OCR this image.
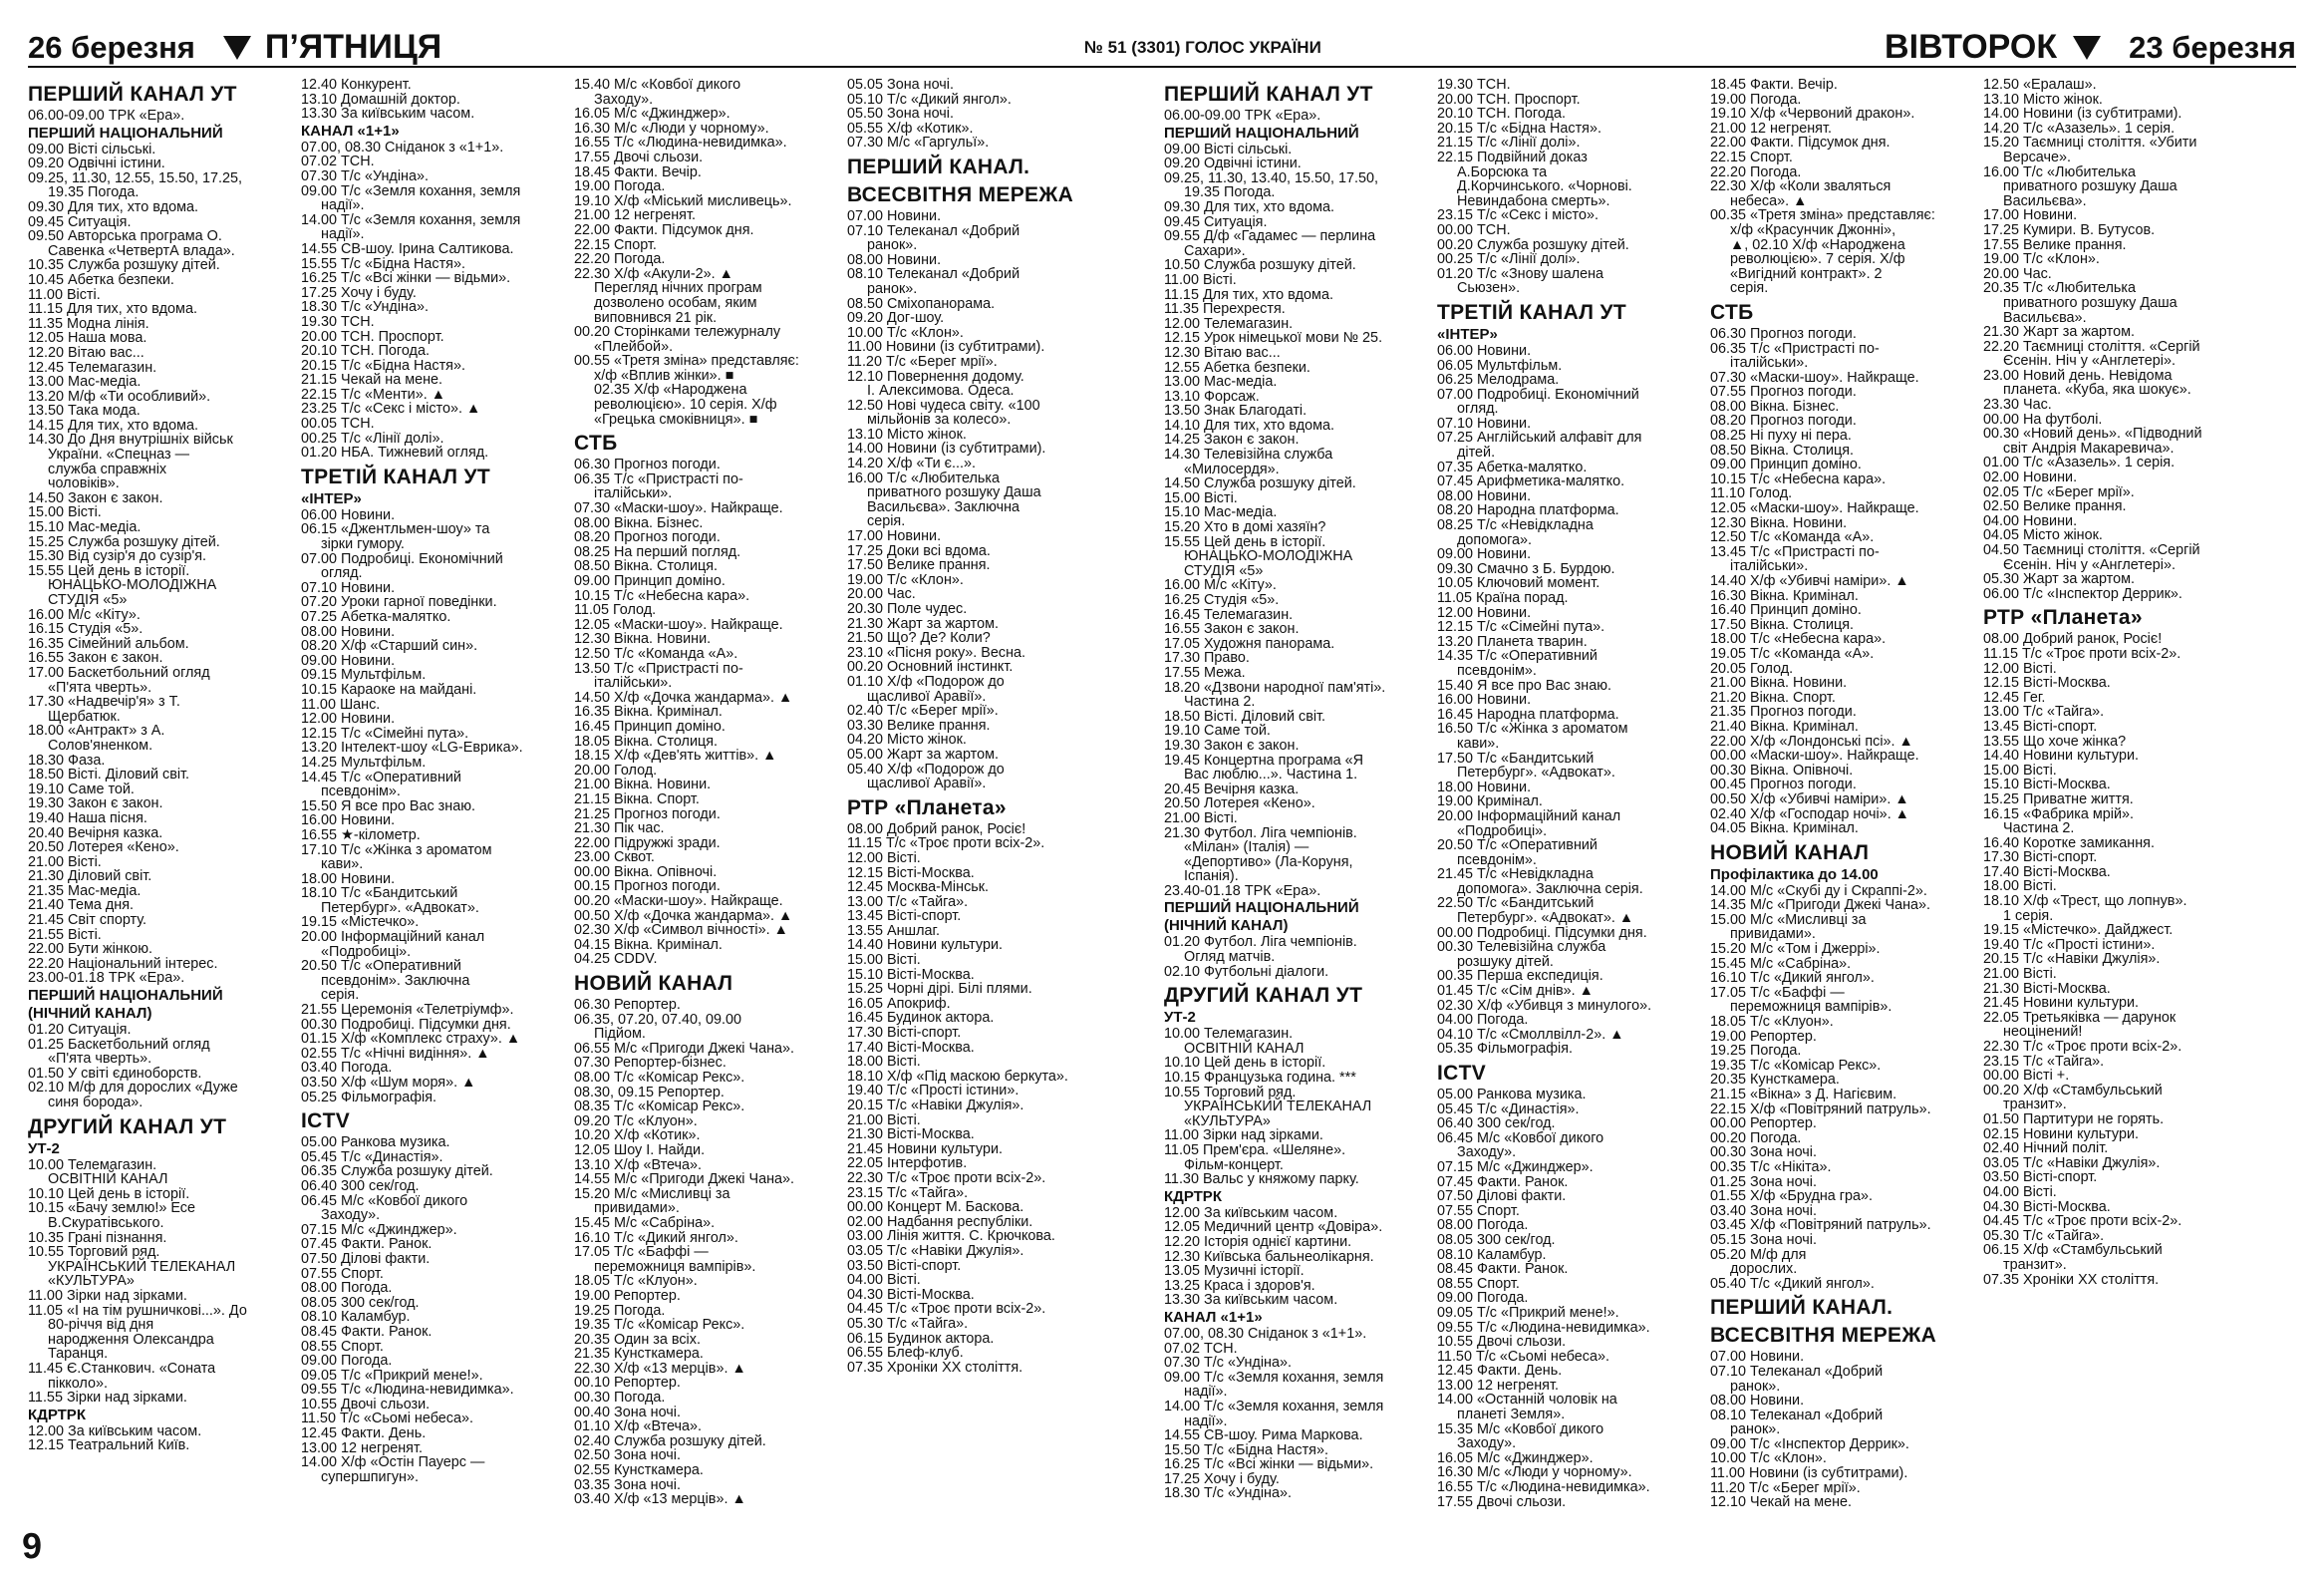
26 березня П’ЯТНИЦЯ	№ 51 (3301) ГОЛОС УКРАЇНИ	ВІВТОРОК 23 березня
ПЕРШИЙ КАНАЛ УТ
06.00-09.00 ТРК «Ера».
ПЕРШИЙ НАЦІОНАЛЬНИЙ
09.00 Вісті сільські.
09.20 Одвічні істини.
09.25, 11.30, 12.55, 15.50, 17.25,
19.35 Погода.
09.30 Для тих, хто вдома.
09.45 Ситуація.
09.50 Авторська програма О.
Савенка «ЧетвертА влада».
10.35 Служба розшуку дітей.
10.45 Абетка безпеки.
11.00 Вісті.
11.15 Для тих, хто вдома.
11.35 Модна лінія.
12.05 Наша мова.
12.20 Вітаю вас...
12.45 Телемагазин.
13.00 Мас-медіа.
13.20 М/ф «Ти особливий».
13.50 Така мода.
14.15 Для тих, хто вдома.
14.30 До Дня внутрішніх військ
України. «Спецназ —
служба справжніх
чоловіків».
14.50 Закон є закон.
15.00 Вісті.
15.10 Мас-медіа.
15.25 Служба розшуку дітей.
15.30 Від сузір'я до сузір'я.
15.55 Цей день в історії.
ЮНАЦЬКО-МОЛОДІЖНА
СТУДІЯ «5»
16.00 М/с «Кіту».
16.15 Студія «5».
16.35 Сімейний альбом.
16.55 Закон є закон.
17.00 Баскетбольний огляд
«П'ята чверть».
17.30 «Надвечір'я» з Т.
Щербатюк.
18.00 «Антракт» з А.
Солов'яненком.
18.30 Фаза.
18.50 Вісті. Діловий світ.
19.10 Саме той.
19.30 Закон є закон.
19.40 Наша пісня.
20.40 Вечірня казка.
20.50 Лотерея «Кено».
21.00 Вісті.
21.30 Діловий світ.
21.35 Мас-медіа.
21.40 Тема дня.
21.45 Світ спорту.
21.55 Вісті.
22.00 Бути жінкою.
22.20 Національний інтерес.
23.00-01.18 ТРК «Ера».
ПЕРШИЙ НАЦІОНАЛЬНИЙ
(НІЧНИЙ КАНАЛ)
01.20 Ситуація.
01.25 Баскетбольний огляд
«П'ята чверть».
01.50 У світі єдиноборств.
02.10 М/ф для дорослих «Дуже
синя борода».
ДРУГИЙ КАНАЛ УТ
УТ-2
10.00 Телемагазин.
ОСВІТНІЙ КАНАЛ
10.10 Цей день в історії.
10.15 «Бачу землю!» Есе
В.Скуратівського.
10.35 Грані пізнання.
10.55 Торговий ряд.
УКРАЇНСЬКИЙ ТЕЛЕКАНАЛ
«КУЛЬТУРА»
11.00 Зірки над зірками.
11.05 «І на тім рушничкові...». До
80-річчя від дня
народження Олександра
Таранця.
11.45 Є.Станкович. «Соната
пікколо».
11.55 Зірки над зірками.
КДРТРК
12.00 За київським часом.
12.15 Театральний Київ.
12.40 Конкурент.
13.10 Домашній доктор.
13.30 За київським часом.
КАНАЛ «1+1»
07.00, 08.30 Сніданок з «1+1».
07.02 ТСН.
07.30 Т/с «Ундіна».
09.00 Т/с «Земля кохання, земля
надії».
14.00 Т/с «Земля кохання, земля
надії».
14.55 СВ-шоу. Ірина Салтикова.
15.55 Т/с «Бідна Настя».
16.25 Т/с «Всі жінки — відьми».
17.25 Хочу і буду.
18.30 Т/с «Ундіна».
19.30 ТСН.
20.00 ТСН. Проспорт.
20.10 ТСН. Погода.
20.15 Т/с «Бідна Настя».
21.15 Чекай на мене.
22.15 Т/с «Менти». ▲
23.25 Т/с «Секс і місто». ▲
00.05 ТСН.
00.25 Т/с «Лінії долі».
01.20 НБА. Тижневий огляд.
ТРЕТІЙ КАНАЛ УТ
«ІНТЕР»
06.00 Новини.
06.15 «Джентльмен-шоу» та
зірки гумору.
07.00 Подробиці. Економічний
огляд.
07.10 Новини.
07.20 Уроки гарної поведінки.
07.25 Абетка-малятко.
08.00 Новини.
08.20 Х/ф «Старший син».
09.00 Новини.
09.15 Мультфільм.
10.15 Караоке на майдані.
11.00 Шанс.
12.00 Новини.
12.15 Т/с «Сімейні пута».
13.20 Інтелект-шоу «LG-Еврика».
14.25 Мультфільм.
14.45 Т/с «Оперативний
псевдонім».
15.50 Я все про Вас знаю.
16.00 Новини.
16.55 ★-кілометр.
17.10 Т/с «Жінка з ароматом
кави».
18.00 Новини.
18.10 Т/с «Бандитський
Петербург». «Адвокат».
19.15 «Містечко».
20.00 Інформаційний канал
«Подробиці».
20.50 Т/с «Оперативний
псевдонім». Заключна
серія.
21.55 Церемонія «Телетріумф».
00.30 Подробиці. Підсумки дня.
01.15 Х/ф «Комплекс страху». ▲
02.55 Т/с «Нічні видіння». ▲
03.40 Погода.
03.50 Х/ф «Шум моря». ▲
05.25 Фільмографія.
ICTV
05.00 Ранкова музика.
05.45 Т/с «Династія».
06.35 Служба розшуку дітей.
06.40 300 сек/год.
06.45 М/с «Ковбої дикого
Заходу».
07.15 М/с «Джинджер».
07.45 Факти. Ранок.
07.50 Ділові факти.
07.55 Спорт.
08.00 Погода.
08.05 300 сек/год.
08.10 Каламбур.
08.45 Факти. Ранок.
08.55 Спорт.
09.00 Погода.
09.05 Т/с «Прикрий мене!».
09.55 Т/с «Людина-невидимка».
10.55 Двочі сльози.
11.50 Т/с «Сьомі небеса».
12.45 Факти. День.
13.00 12 негренят.
14.00 Х/ф «Остін Пауерс —
супершпигун».
15.40 М/с «Ковбої дикого
Заходу».
16.05 М/с «Джинджер».
16.30 М/с «Люди у чорному».
16.55 Т/с «Людина-невидимка».
17.55 Двочі сльози.
18.45 Факти. Вечір.
19.00 Погода.
19.10 Х/ф «Міський мисливець».
21.00 12 негренят.
22.00 Факти. Підсумок дня.
22.15 Спорт.
22.20 Погода.
22.30 Х/ф «Акули-2». ▲
Перегляд нічних програм
дозволено особам, яким
виповнився 21 рік.
00.20 Сторінками тележурналу
«Плейбой».
00.55 «Третя зміна» представляє:
х/ф «Вплив жінки». ■
02.35 Х/ф «Народжена
революцією». 10 серія. Х/ф
«Грецька смоківниця». ■
СТБ
06.30 Прогноз погоди.
06.35 Т/с «Пристрасті по-
італійськи».
07.30 «Маски-шоу». Найкраще.
08.00 Вікна. Бізнес.
08.20 Прогноз погоди.
08.25 На перший погляд.
08.50 Вікна. Столиця.
09.00 Принцип доміно.
10.15 Т/с «Небесна кара».
11.05 Голод.
12.05 «Маски-шоу». Найкраще.
12.30 Вікна. Новини.
12.50 Т/с «Команда «А».
13.50 Т/с «Пристрасті по-
італійськи».
14.50 Х/ф «Дочка жандарма». ▲
16.35 Вікна. Кримінал.
16.45 Принцип доміно.
18.05 Вікна. Столиця.
18.15 Х/ф «Дев'ять життів». ▲
20.00 Голод.
21.00 Вікна. Новини.
21.15 Вікна. Спорт.
21.25 Прогноз погоди.
21.30 Пiк час.
22.00 Підружжі зради.
23.00 Сквот.
00.00 Вікна. Опівночі.
00.15 Прогноз погоди.
00.20 «Маски-шоу». Найкраще.
00.50 Х/ф «Дочка жандарма». ▲
02.30 Х/ф «Символ вічності». ▲
04.15 Вікна. Кримінал.
04.25 CDDV.
НОВИЙ КАНАЛ
06.30 Репортер.
06.35, 07.20, 07.40, 09.00
Підйом.
06.55 М/с «Пригоди Джекі Чана».
07.30 Репортер-бізнес.
08.00 Т/с «Комісар Рекс».
08.30, 09.15 Репортер.
08.35 Т/с «Комісар Рекс».
09.20 Т/с «Клуон».
10.20 Х/ф «Котик».
12.05 Шоу І. Найди.
13.10 Х/ф «Втеча».
14.55 М/с «Пригоди Джекі Чана».
15.20 М/с «Мисливці за
привидами».
15.45 М/с «Сабріна».
16.10 Т/с «Дикий янгол».
17.05 Т/с «Баффі —
переможниця вампірів».
18.05 Т/с «Клуон».
19.00 Репортер.
19.25 Погода.
19.35 Т/с «Комісар Рекс».
20.35 Один за всіх.
21.35 Кунсткамера.
22.30 Х/ф «13 мерців». ▲
00.10 Репортер.
00.30 Погода.
00.40 Зона ночі.
01.10 Х/ф «Втеча».
02.40 Служба розшуку дітей.
02.50 Зона ночі.
02.55 Кунсткамера.
03.35 Зона ночі.
03.40 Х/ф «13 мерців». ▲
05.05 Зона ночі.
05.10 Т/с «Дикий янгол».
05.50 Зона ночі.
05.55 Х/ф «Котик».
07.30 М/с «Гаргульї».
ПЕРШИЙ КАНАЛ.
ВСЕСВІТНЯ МЕРЕЖА
07.00 Новини.
07.10 Телеканал «Добрий
ранок».
08.00 Новини.
08.10 Телеканал «Добрий
ранок».
08.50 Сміхопанорама.
09.20 Дог-шоу.
10.00 Т/с «Клон».
11.00 Новини (із субтитрами).
11.20 Т/с «Берег мрії».
12.10 Повернення додому.
І. Алексимова. Одеса.
12.50 Нові чудеса світу. «100
мільйонів за колесо».
13.10 Місто жінок.
14.00 Новини (із субтитрами).
14.20 Х/ф «Ти є...».
16.00 Т/с «Любителька
приватного розшуку Даша
Васильєва». Заключна
серія.
17.00 Новини.
17.25 Доки всі вдома.
17.50 Велике прання.
19.00 Т/с «Клон».
20.00 Час.
20.30 Поле чудес.
21.30 Жарт за жартом.
21.50 Що? Де? Коли?
23.10 «Пісня року». Весна.
00.20 Основний інстинкт.
01.10 Х/ф «Подорож до
щасливої Аравії».
02.40 Т/с «Берег мрії».
03.30 Велике прання.
04.20 Місто жінок.
05.00 Жарт за жартом.
05.40 Х/ф «Подорож до
щасливої Аравії».
РТР «Планета»
08.00 Добрий ранок, Росіє!
11.15 Т/с «Троє проти всіх-2».
12.00 Вісті.
12.15 Вісті-Москва.
12.45 Москва-Мінськ.
13.00 Т/с «Тайга».
13.45 Вісті-спорт.
13.55 Аншлаг.
14.40 Новини культури.
15.00 Вісті.
15.10 Вісті-Москва.
15.25 Чорні дірі. Білі плями.
16.05 Апокриф.
16.45 Будинок актора.
17.30 Вісті-спорт.
17.40 Вісті-Москва.
18.00 Вісті.
18.10 Х/ф «Під маскою беркута».
19.40 Т/с «Прості істини».
20.15 Т/с «Навіки Джулія».
21.00 Вісті.
21.30 Вісті-Москва.
21.45 Новини культури.
22.05 Інтерфотив.
22.30 Т/с «Троє проти всіх-2».
23.15 Т/с «Тайга».
00.00 Концерт М. Баскова.
02.00 Надбання республіки.
03.00 Лінія життя. С. Крючкова.
03.05 Т/с «Навіки Джулія».
03.50 Вісті-спорт.
04.00 Вісті.
04.30 Вісті-Москва.
04.45 Т/с «Троє проти всіх-2».
05.30 Т/с «Тайга».
06.15 Будинок актора.
06.55 Блеф-клуб.
07.35 Хроніки XX століття.
ПЕРШИЙ КАНАЛ УТ
06.00-09.00 ТРК «Ера».
ПЕРШИЙ НАЦІОНАЛЬНИЙ
09.00 Вісті сільські.
09.20 Одвічні істини.
09.25, 11.30, 13.40, 15.50, 17.50,
19.35 Погода.
09.30 Для тих, хто вдома.
09.45 Ситуація.
09.55 Д/ф «Гадамес — перлина
Сахари».
10.50 Служба розшуку дітей.
11.00 Вісті.
11.15 Для тих, хто вдома.
11.35 Перехрестя.
12.00 Телемагазин.
12.15 Урок німецької мови № 25.
12.30 Вітаю вас...
12.55 Абетка безпеки.
13.00 Мас-медіа.
13.10 Форсаж.
13.50 Знак Благодаті.
14.10 Для тих, хто вдома.
14.25 Закон є закон.
14.30 Телевізійна служба
«Милосердя».
14.50 Служба розшуку дітей.
15.00 Вісті.
15.10 Мас-медіа.
15.20 Хто в домі хазяїн?
15.55 Цей день в історії.
ЮНАЦЬКО-МОЛОДІЖНА
СТУДІЯ «5»
16.00 М/с «Кіту».
16.25 Студія «5».
16.45 Телемагазин.
16.55 Закон є закон.
17.05 Художня панорама.
17.30 Право.
17.55 Межа.
18.20 «Дзвони народної пам'яті».
Частина 2.
18.50 Вісті. Діловий світ.
19.10 Саме той.
19.30 Закон є закон.
19.45 Концертна програма «Я
Вас люблю...». Частина 1.
20.45 Вечірня казка.
20.50 Лотерея «Кено».
21.00 Вісті.
21.30 Футбол. Ліга чемпіонів.
«Мілан» (Італія) —
«Депортиво» (Ла-Коруня,
Іспанія).
23.40-01.18 ТРК «Ера».
ПЕРШИЙ НАЦІОНАЛЬНИЙ
(НІЧНИЙ КАНАЛ)
01.20 Футбол. Ліга чемпіонів.
Огляд матчів.
02.10 Футбольні діалоги.
ДРУГИЙ КАНАЛ УТ
УТ-2
10.00 Телемагазин.
ОСВІТНІЙ КАНАЛ
10.10 Цей день в історії.
10.15 Французька година. ***
10.55 Торговий ряд.
УКРАЇНСЬКИЙ ТЕЛЕКАНАЛ
«КУЛЬТУРА»
11.00 Зірки над зірками.
11.05 Прем'єра. «Шеляне».
Фільм-концерт.
11.30 Вальс у княжому парку.
КДРТРК
12.00 За київським часом.
12.05 Медичний центр «Довіра».
12.20 Історія однієї картини.
12.30 Київська бальнеолікарня.
13.05 Музичні історії.
13.25 Краса і здоров'я.
13.30 За київським часом.
КАНАЛ «1+1»
07.00, 08.30 Сніданок з «1+1».
07.02 ТСН.
07.30 Т/с «Ундіна».
09.00 Т/с «Земля кохання, земля
надії».
14.00 Т/с «Земля кохання, земля
надії».
14.55 СВ-шоу. Рима Маркова.
15.50 Т/с «Бідна Настя».
16.25 Т/с «Всі жінки — відьми».
17.25 Хочу і буду.
18.30 Т/с «Ундіна».
19.30 ТСН.
20.00 ТСН. Проспорт.
20.10 ТСН. Погода.
20.15 Т/с «Бідна Настя».
21.15 Т/с «Лінії долі».
22.15 Подвійний доказ
А.Борсюка та
Д.Корчинського. «Чорнові.
Невиндабона смерть».
23.15 Т/с «Секс і місто».
00.00 ТСН.
00.20 Служба розшуку дітей.
00.25 Т/с «Лінії долі».
01.20 Т/с «Знову шалена
Сьюзен».
ТРЕТІЙ КАНАЛ УТ
«ІНТЕР»
06.00 Новини.
06.05 Мультфільм.
06.25 Мелодрама.
07.00 Подробиці. Економічний
огляд.
07.10 Новини.
07.25 Англійський алфавіт для
дітей.
07.35 Абетка-малятко.
07.45 Арифметика-малятко.
08.00 Новини.
08.20 Народна платформа.
08.25 Т/с «Невідкладна
допомога».
09.00 Новини.
09.30 Смачно з Б. Бурдою.
10.05 Ключовий момент.
11.05 Країна порад.
12.00 Новини.
12.15 Т/с «Сімейні пута».
13.20 Планета тварин.
14.35 Т/с «Оперативний
псевдонім».
15.40 Я все про Вас знаю.
16.00 Новини.
16.45 Народна платформа.
16.50 Т/с «Жінка з ароматом
кави».
17.50 Т/с «Бандитський
Петербург». «Адвокат».
18.00 Новини.
19.00 Кримінал.
20.00 Інформаційний канал
«Подробиці».
20.50 Т/с «Оперативний
псевдонім».
21.45 Т/с «Невідкладна
допомога». Заключна серія.
22.50 Т/с «Бандитський
Петербург». «Адвокат». ▲
00.00 Подробиці. Підсумки дня.
00.30 Телевізійна служба
розшуку дітей.
00.35 Перша експедиція.
01.45 Т/с «Сім днів». ▲
02.30 Х/ф «Убивця з минулого».
04.00 Погода.
04.10 Т/с «Смоллвілл-2». ▲
05.35 Фільмографія.
ICTV
05.00 Ранкова музика.
05.45 Т/с «Династія».
06.40 300 сек/год.
06.45 М/с «Ковбої дикого
Заходу».
07.15 М/с «Джинджер».
07.45 Факти. Ранок.
07.50 Ділові факти.
07.55 Спорт.
08.00 Погода.
08.05 300 сек/год.
08.10 Каламбур.
08.45 Факти. Ранок.
08.55 Спорт.
09.00 Погода.
09.05 Т/с «Прикрий мене!».
09.55 Т/с «Людина-невидимка».
10.55 Двочі сльози.
11.50 Т/с «Сьомі небеса».
12.45 Факти. День.
13.00 12 негренят.
14.00 «Останній чоловік на
планеті Земля».
15.35 М/с «Ковбої дикого
Заходу».
16.05 М/с «Джинджер».
16.30 М/с «Люди у чорному».
16.55 Т/с «Людина-невидимка».
17.55 Двочі сльози.
18.45 Факти. Вечір.
19.00 Погода.
19.10 Х/ф «Червоний дракон».
21.00 12 негренят.
22.00 Факти. Підсумок дня.
22.15 Спорт.
22.20 Погода.
22.30 Х/ф «Коли зваляться
небеса». ▲
00.35 «Третя зміна» представляє:
х/ф «Красунчик Джонні»,
▲, 02.10 Х/ф «Народжена
революцією». 7 серія. Х/ф
«Вигідний контракт». 2
серія.
СТБ
06.30 Прогноз погоди.
06.35 Т/с «Пристрасті по-
італійськи».
07.30 «Маски-шоу». Найкраще.
07.55 Прогноз погоди.
08.00 Вікна. Бізнес.
08.20 Прогноз погоди.
08.25 Ні пуху ні пера.
08.50 Вікна. Столиця.
09.00 Принцип доміно.
10.15 Т/с «Небесна кара».
11.10 Голод.
12.05 «Маски-шоу». Найкраще.
12.30 Вікна. Новини.
12.50 Т/с «Команда «А».
13.45 Т/с «Пристрасті по-
італійськи».
14.40 Х/ф «Убивчі наміри». ▲
16.30 Вікна. Кримінал.
16.40 Принцип доміно.
17.50 Вікна. Столиця.
18.00 Т/с «Небесна кара».
19.05 Т/с «Команда «А».
20.05 Голод.
21.00 Вікна. Новини.
21.20 Вікна. Спорт.
21.35 Прогноз погоди.
21.40 Вікна. Кримінал.
22.00 Х/ф «Лондонські псі». ▲
00.00 «Маски-шоу». Найкраще.
00.30 Вікна. Опівночі.
00.45 Прогноз погоди.
00.50 Х/ф «Убивчі наміри». ▲
02.40 Х/ф «Господар ночі». ▲
04.05 Вікна. Кримінал.
НОВИЙ КАНАЛ
Профілактика до 14.00
14.00 М/с «Скубі ду і Скраппі-2».
14.35 М/с «Пригоди Джекі Чана».
15.00 М/с «Мисливці за
привидами».
15.20 М/с «Том і Джеррі».
15.45 М/с «Сабріна».
16.10 Т/с «Дикий янгол».
17.05 Т/с «Баффі —
переможниця вампірів».
18.05 Т/с «Клуон».
19.00 Репортер.
19.25 Погода.
19.35 Т/с «Комісар Рекс».
20.35 Кунсткамера.
21.15 «Вікна» з Д. Нагієвим.
22.15 Х/ф «Повітряний патруль».
00.00 Репортер.
00.20 Погода.
00.30 Зона ночі.
00.35 Т/с «Нікіта».
01.25 Зона ночі.
01.55 Х/ф «Брудна гра».
03.40 Зона ночі.
03.45 Х/ф «Повітряний патруль».
05.15 Зона ночі.
05.20 М/ф для
дорослих.
05.40 Т/с «Дикий янгол».
ПЕРШИЙ КАНАЛ.
ВСЕСВІТНЯ МЕРЕЖА
07.00 Новини.
07.10 Телеканал «Добрий
ранок».
08.00 Новини.
08.10 Телеканал «Добрий
ранок».
09.00 Т/с «Інспектор Деррик».
10.00 Т/с «Клон».
11.00 Новини (із субтитрами).
11.20 Т/с «Берег мрії».
12.10 Чекай на мене.
12.50 «Ералаш».
13.10 Місто жінок.
14.00 Новини (із субтитрами).
14.20 Т/с «Азазель». 1 серія.
15.20 Таємниці століття. «Убити
Версаче».
16.00 Т/с «Любителька
приватного розшуку Даша
Васильєва».
17.00 Новини.
17.25 Кумири. В. Бутусов.
17.55 Велике прання.
19.00 Т/с «Клон».
20.00 Час.
20.35 Т/с «Любителька
приватного розшуку Даша
Васильєва».
21.30 Жарт за жартом.
22.20 Таємниці століття. «Сергій
Єсенін. Ніч у «Англетері».
23.00 Новий день. Невідома
планета. «Куба, яка шокує».
23.30 Час.
00.00 На футболі.
00.30 «Новий день». «Підводний
світ Андрія Макаревича».
01.00 Т/с «Азазель». 1 серія.
02.00 Новини.
02.05 Т/с «Берег мрії».
02.50 Велике прання.
04.00 Новини.
04.05 Місто жінок.
04.50 Таємниці століття. «Сергій
Єсенін. Ніч у «Англетері».
05.30 Жарт за жартом.
06.00 Т/с «Інспектор Деррик».
РТР «Планета»
08.00 Добрий ранок, Росіє!
11.15 Т/с «Троє проти всіх-2».
12.00 Вісті.
12.15 Вісті-Москва.
12.45 Гег.
13.00 Т/с «Тайга».
13.45 Вісті-спорт.
13.55 Що хоче жінка?
14.40 Новини культури.
15.00 Вісті.
15.10 Вісті-Москва.
15.25 Приватне життя.
16.15 «Фабрика мрій».
Частина 2.
16.40 Коротке замикання.
17.30 Вісті-спорт.
17.40 Вісті-Москва.
18.00 Вісті.
18.10 Х/ф «Трест, що лопнув».
1 серія.
19.15 «Містечко». Дайджест.
19.40 Т/с «Прості істини».
20.15 Т/с «Навіки Джулія».
21.00 Вісті.
21.30 Вісті-Москва.
21.45 Новини культури.
22.05 Третьяківка — дарунок
неоцінений!
22.30 Т/с «Троє проти всіх-2».
23.15 Т/с «Тайга».
00.00 Вісті +.
00.20 Х/ф «Стамбульський
транзит».
01.50 Партитури не горять.
02.15 Новини культури.
02.40 Нічний політ.
03.05 Т/с «Навіки Джулія».
03.50 Вісті-спорт.
04.00 Вісті.
04.30 Вісті-Москва.
04.45 Т/с «Троє проти всіх-2».
05.30 Т/с «Тайга».
06.15 Х/ф «Стамбульський
транзит».
07.35 Хроніки XX століття.
6
